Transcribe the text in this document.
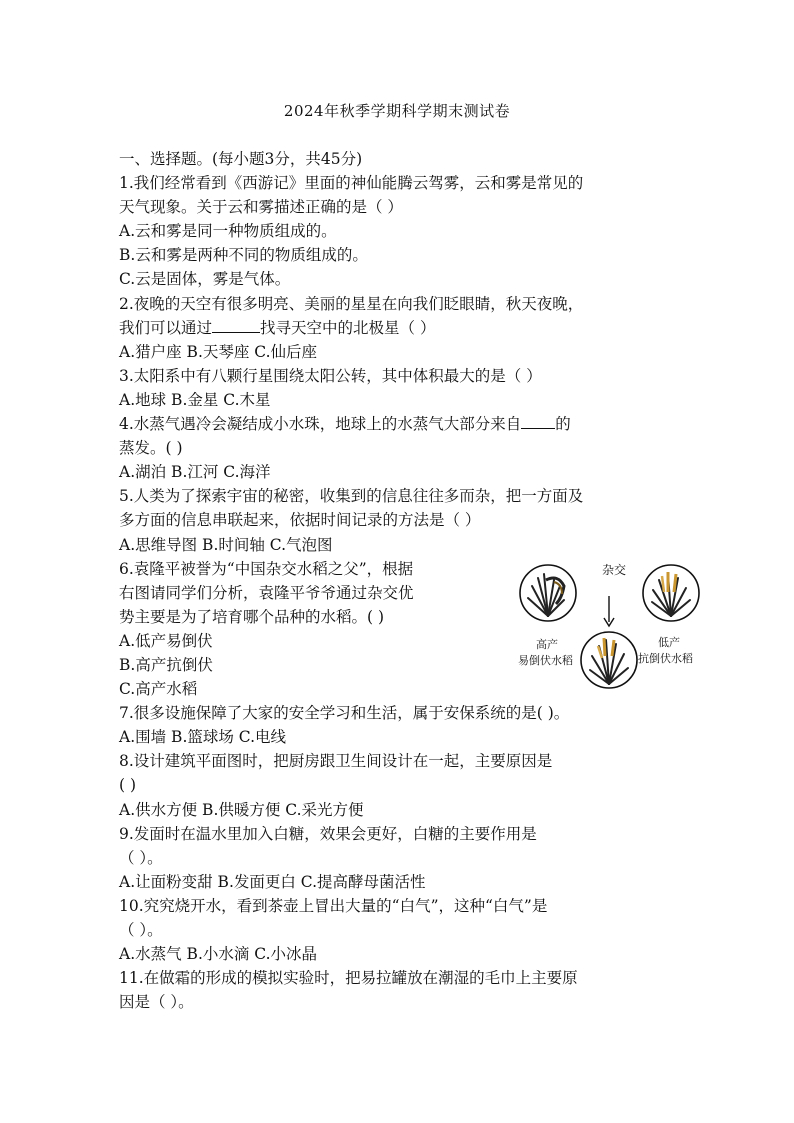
2024年秋季学期科学期末测试卷
一、选择题。(每小题3分，共45分)
1.我们经常看到《西游记》里面的神仙能腾云驾雾，云和雾是常见的
天气现象。关于云和雾描述正确的是（ ）
A.云和雾是同一种物质组成的。
B.云和雾是两种不同的物质组成的。
C.云是固体，雾是气体。
2.夜晚的天空有很多明亮、美丽的星星在向我们眨眼睛，秋天夜晚，
我们可以通过	找寻天空中的北极星（ ）
A.猎户座 B.天琴座 C.仙后座
3.太阳系中有八颗行星围绕太阳公转，其中体积最大的是（ ）
A.地球 B.金星 C.木星
4.水蒸气遇冷会凝结成小水珠，地球上的水蒸气大部分来自 的
蒸发。( )
A.湖泊 B.江河 C.海洋
5.人类为了探索宇宙的秘密，收集到的信息往往多而杂，把一方面及
多方面的信息串联起来，依据时间记录的方法是（ ）
A.思维导图 B.时间轴 C.气泡图
6.袁隆平被誉为“中国杂交水稻之父”，根据
右图请同学们分析，袁隆平爷爷通过杂交优
势主要是为了培育哪个品种的水稻。( )
A.低产易倒伏
B.高产抗倒伏
C.高产水稻
7.很多设施保障了大家的安全学习和生活，属于安保系统的是( )。
A.围墙 B.篮球场 C.电线
8.设计建筑平面图时，把厨房跟卫生间设计在一起，主要原因是
( )
A.供水方便 B.供暖方便 C.采光方便
9.发面时在温水里加入白糖，效果会更好，白糖的主要作用是
（ ）。
A.让面粉变甜 B.发面更白 C.提高酵母菌活性
10.究究烧开水，看到茶壶上冒出大量的“白气”，这种“白气”是
（ ）。
A.水蒸气 B.小水滴 C.小冰晶
11.在做霜的形成的模拟实验时，把易拉罐放在潮湿的毛巾上主要原
因是（ ）。
杂交
高产
易倒伏水稻
低产
抗倒伏水稻
